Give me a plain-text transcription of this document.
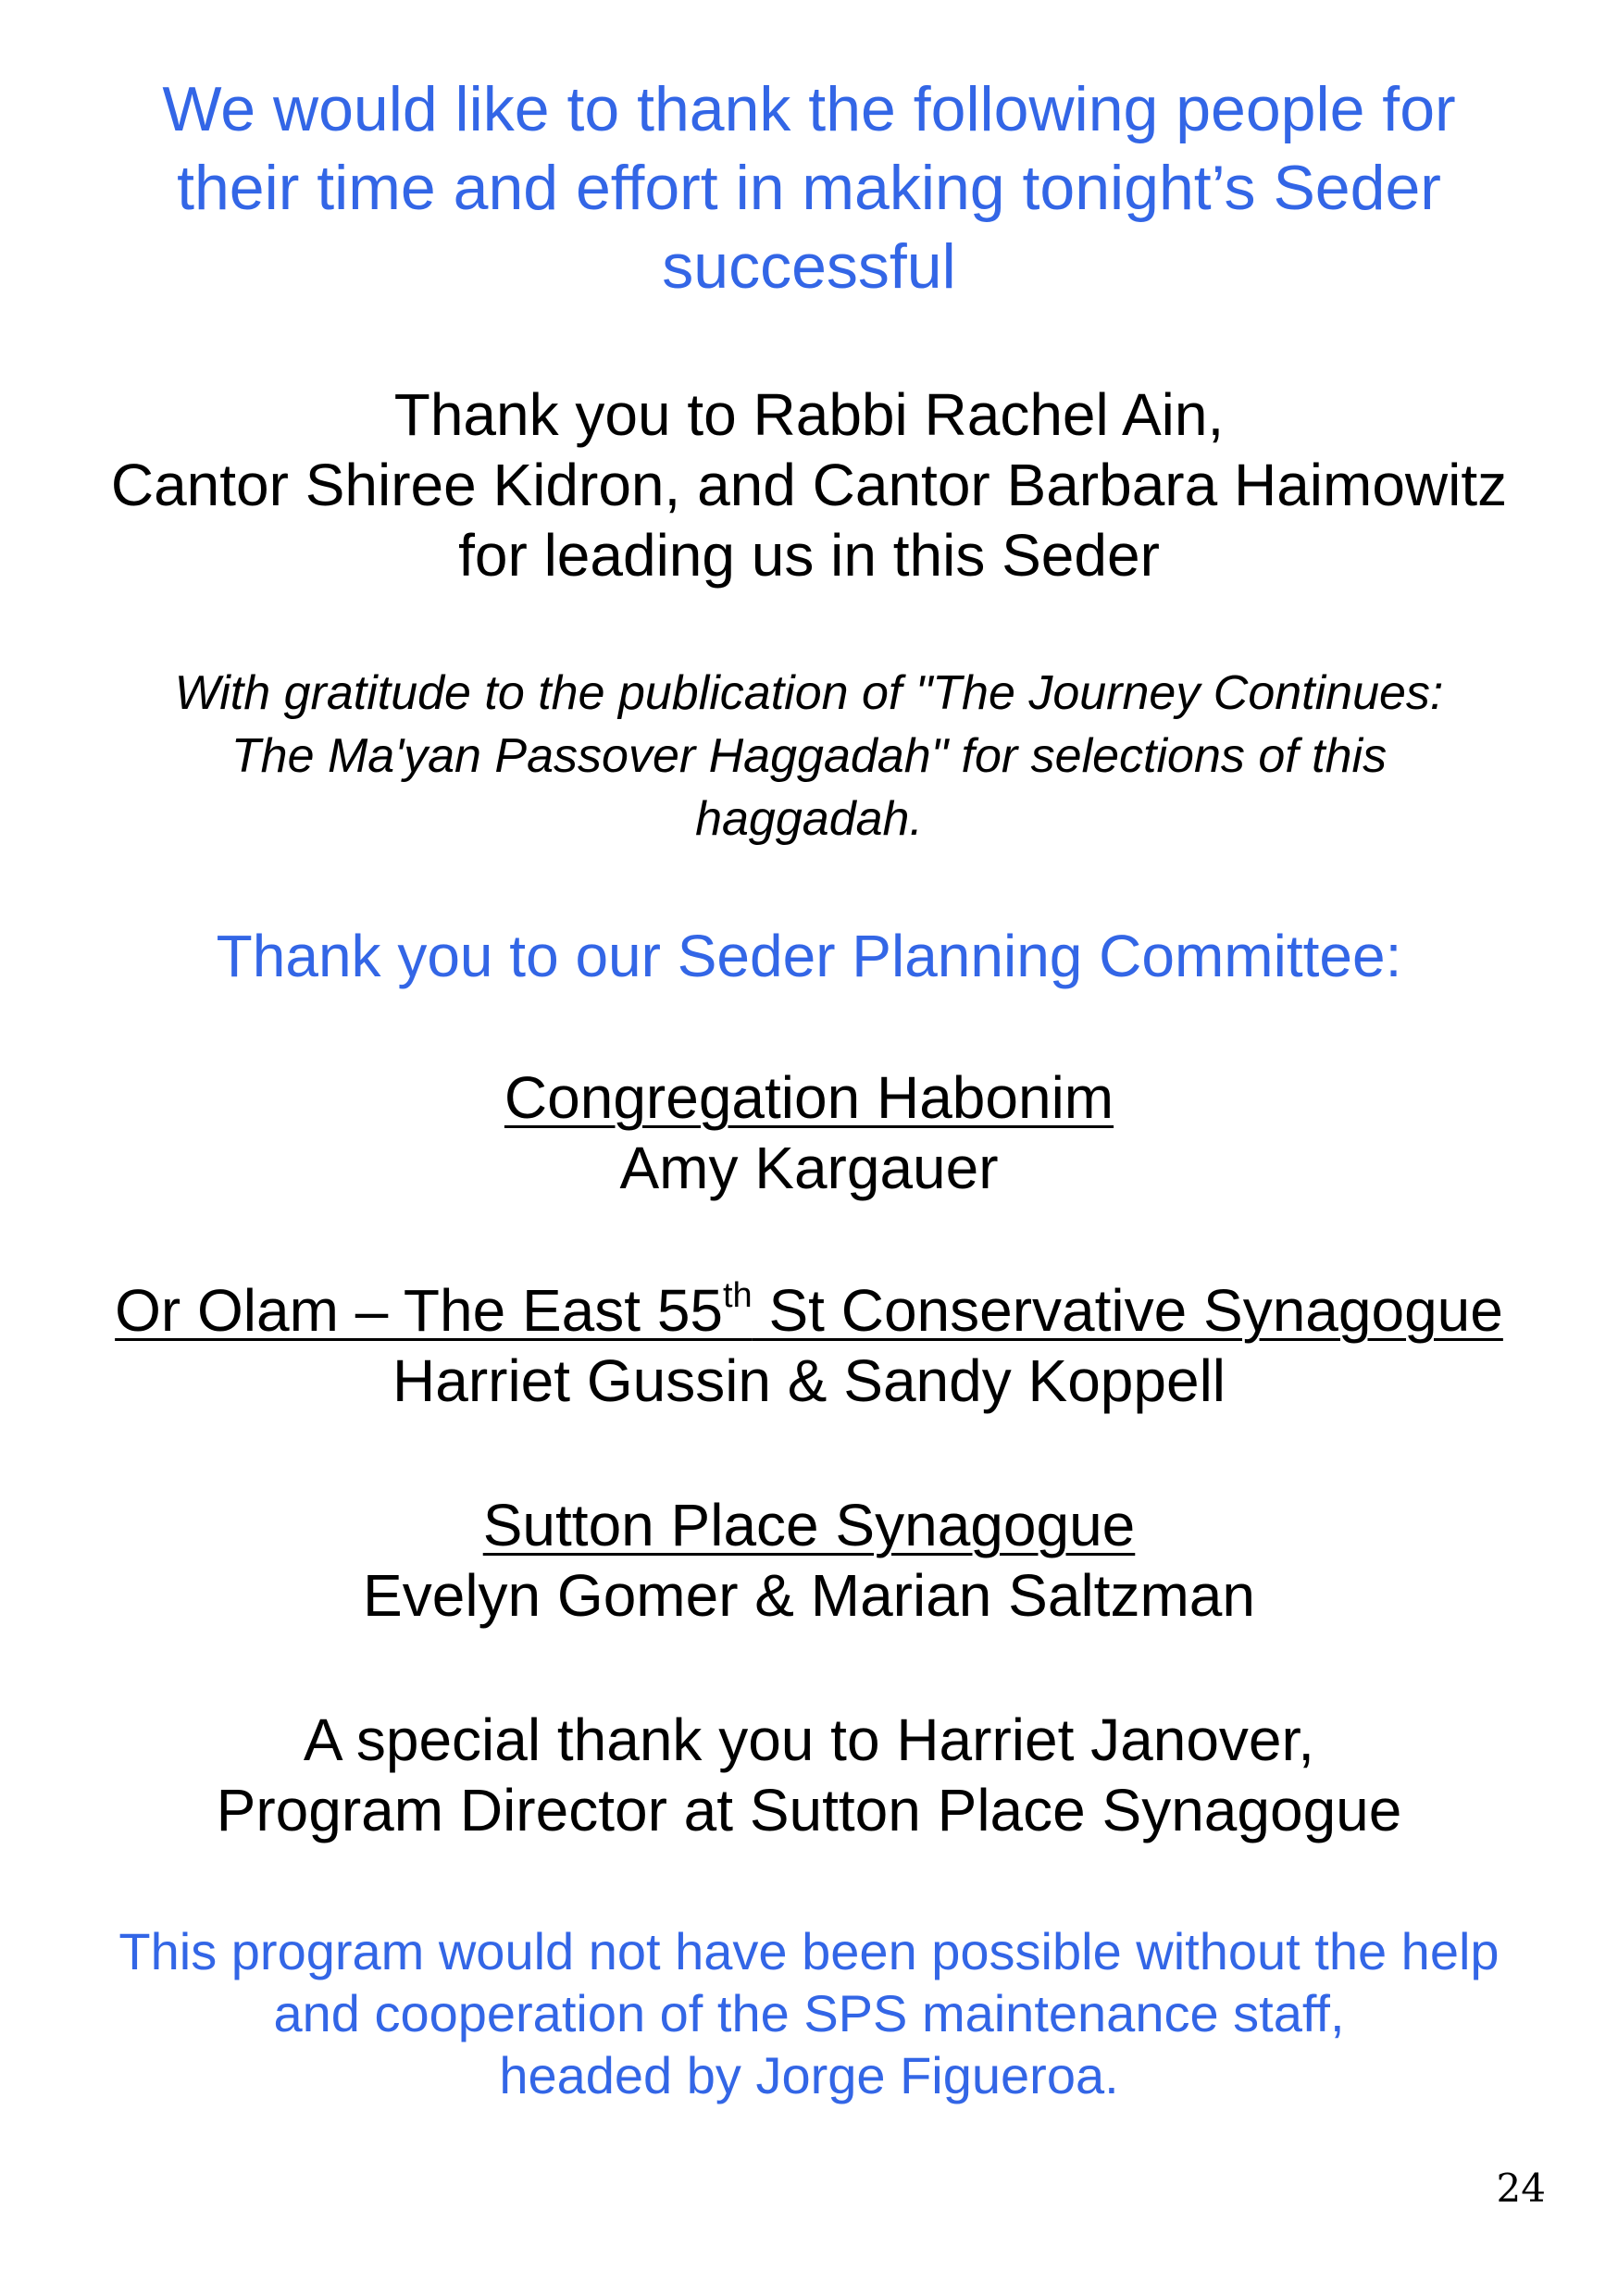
We would like to thank the following people for
their time and effort in making tonight’s Seder
successful
Thank you to Rabbi Rachel Ain,
Cantor Shiree Kidron, and Cantor Barbara Haimowitz
for leading us in this Seder
With gratitude to the publication of "The Journey Continues:
The Ma'yan Passover Haggadah" for selections of this
haggadah.
Thank you to our Seder Planning Committee:
Congregation Habonim
Amy Kargauer
Or Olam – The East 55th St Conservative Synagogue
Harriet Gussin & Sandy Koppell
Sutton Place Synagogue
Evelyn Gomer & Marian Saltzman
A special thank you to Harriet Janover,
Program Director at Sutton Place Synagogue
This program would not have been possible without the help
and cooperation of the SPS maintenance staff,
headed by Jorge Figueroa.
24
